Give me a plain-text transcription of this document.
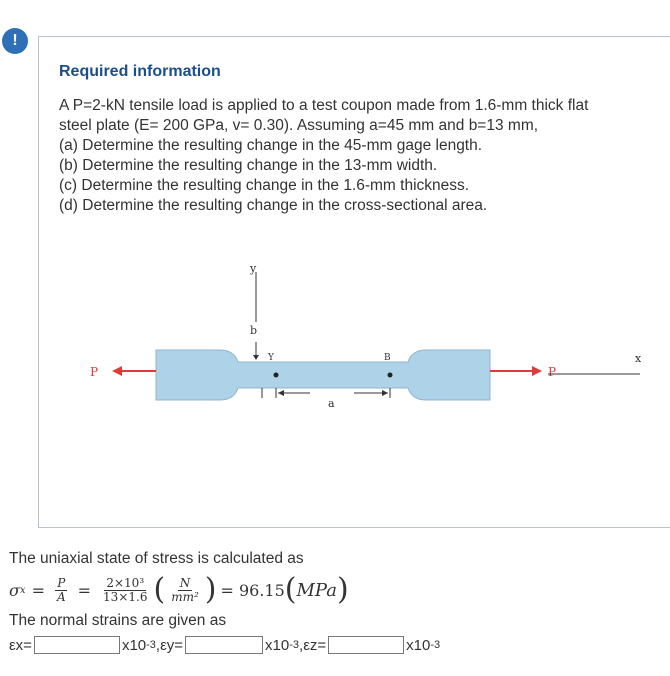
!
Required information

A P=2-kN tensile load is applied to a test coupon made from 1.6-mm thick flat steel plate (E= 200 GPa, v= 0.30). Assuming a=45 mm and b=13 mm,

(a) Determine the resulting change in the 45-mm gage length.

(b) Determine the resulting change in the 13-mm width.

(c) Determine the resulting change in the 1.6-mm thickness.

(d) Determine the resulting change in the cross-sectional area.

y
b
Y	B
a
P	P
x
The uniaxial state of stress is calculated as
σ $x = \frac{P}{A} = \frac{\text{2×10³}}{13\times 1.6}$ ( $\frac{N}{\text{mm²}}$ ) = 96.15 ( MPa )
The normal strains are given as
εx=	x10 -3 , εy=	x10 -3 , εz=	x10 -3
